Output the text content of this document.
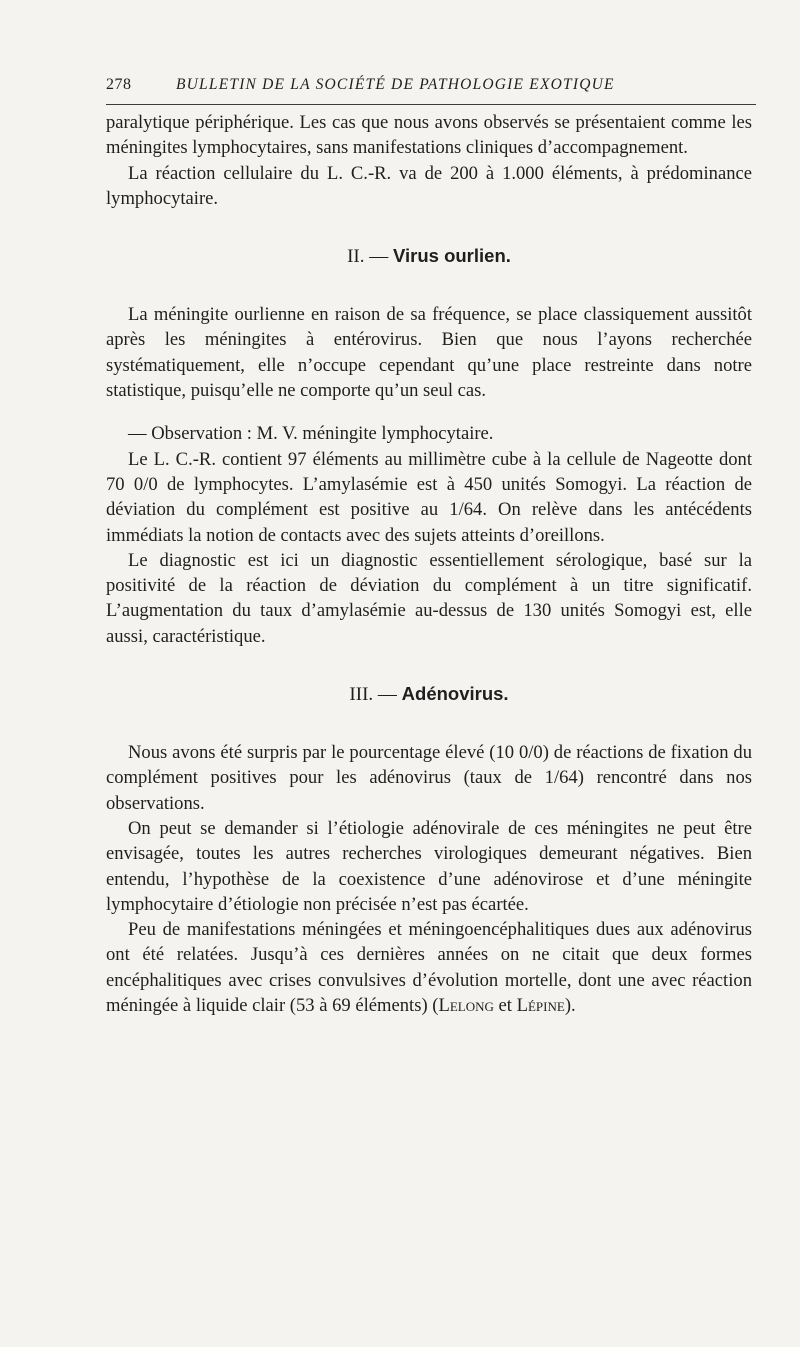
278	BULLETIN DE LA SOCIÉTÉ DE PATHOLOGIE EXOTIQUE

paralytique périphérique. Les cas que nous avons observés se présentaient comme les méningites lymphocytaires, sans manifestations cliniques d’accompagnement.

La réaction cellulaire du L. C.-R. va de 200 à 1.000 éléments, à prédominance lymphocytaire.

II. — Virus ourlien.

La méningite ourlienne en raison de sa fréquence, se place classiquement aussitôt après les méningites à entérovirus. Bien que nous l’ayons recherchée systématiquement, elle n’occupe cependant qu’une place restreinte dans notre statistique, puisqu’elle ne comporte qu’un seul cas.

— Observation : M. V. méningite lymphocytaire.

Le L. C.-R. contient 97 éléments au millimètre cube à la cellule de Nageotte dont 70 0/0 de lymphocytes. L’amylasémie est à 450 unités Somogyi. La réaction de déviation du complément est positive au 1/64. On relève dans les antécédents immédiats la notion de contacts avec des sujets atteints d’oreillons.

Le diagnostic est ici un diagnostic essentiellement sérologique, basé sur la positivité de la réaction de déviation du complément à un titre significatif. L’augmentation du taux d’amylasémie au-dessus de 130 unités Somogyi est, elle aussi, caractéristique.

III. — Adénovirus.

Nous avons été surpris par le pourcentage élevé (10 0/0) de réactions de fixation du complément positives pour les adénovirus (taux de 1/64) rencontré dans nos observations.

On peut se demander si l’étiologie adénovirale de ces méningites ne peut être envisagée, toutes les autres recherches virologiques demeurant négatives. Bien entendu, l’hypothèse de la coexistence d’une adénovirose et d’une méningite lymphocytaire d’étiologie non précisée n’est pas écartée.

Peu de manifestations méningées et méningoencéphalitiques dues aux adénovirus ont été relatées. Jusqu’à ces dernières années on ne citait que deux formes encéphalitiques avec crises convulsives d’évolution mortelle, dont une avec réaction méningée à liquide clair (53 à 69 éléments) (Lelong et Lépine).
